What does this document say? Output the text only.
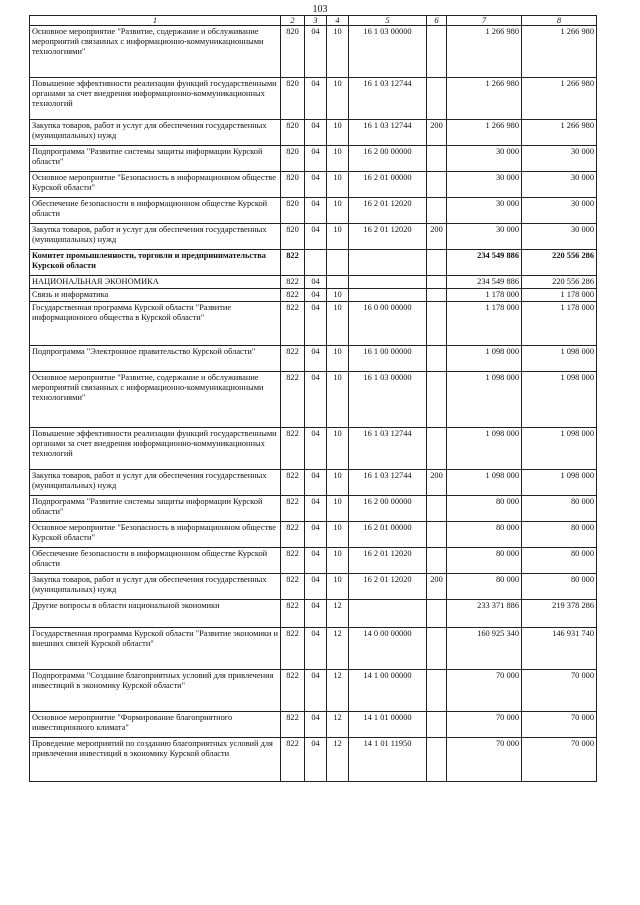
103
1	2	3	4	5	6	7	8
Основное мероприятие "Развитие, содержание и обслуживание мероприятий связанных с информационно-коммуникационными технологиями"	820	04	10	16 1 03 00000		1 266 980	1 266 980
Повышение эффективности реализации функций государственными органами за счет внедрения информационно-коммуникационных технологий	820	04	10	16 1 03 12744		1 266 980	1 266 980
Закупка товаров, работ и услуг для обеспечения государственных (муниципальных) нужд	820	04	10	16 1 03 12744	200	1 266 980	1 266 980
Подпрограмма "Развитие системы защиты информации Курской области"	820	04	10	16 2 00 00000		30 000	30 000
Основное мероприятие "Безопасность в информационном обществе Курской области"	820	04	10	16 2 01 00000		30 000	30 000
Обеспечение безопасности в информационном обществе Курской области	820	04	10	16 2 01 12020		30 000	30 000
Закупка товаров, работ и услуг для обеспечения государственных (муниципальных) нужд	820	04	10	16 2 01 12020	200	30 000	30 000
Комитет промышленности, торговли и предпринимательства Курской области	822					234 549 886	220 556 286
НАЦИОНАЛЬНАЯ ЭКОНОМИКА	822	04				234 549 886	220 556 286
Связь и информатика	822	04	10			1 178 000	1 178 000
Государственная программа Курской области "Развитие информационного общества в Курской области"	822	04	10	16 0 00 00000		1 178 000	1 178 000
Подпрограмма "Электронное правительство Курской области"	822	04	10	16 1 00 00000		1 098 000	1 098 000
Основное мероприятие "Развитие, содержание и обслуживание мероприятий связанных с информационно-коммуникационными технологиями"	822	04	10	16 1 03 00000		1 098 000	1 098 000
Повышение эффективности реализации функций государственными органами за счет внедрения информационно-коммуникационных технологий	822	04	10	16 1 03 12744		1 098 000	1 098 000
Закупка товаров, работ и услуг для обеспечения государственных (муниципальных) нужд	822	04	10	16 1 03 12744	200	1 098 000	1 098 000
Подпрограмма "Развитие системы защиты информации Курской области"	822	04	10	16 2 00 00000		80 000	80 000
Основное мероприятие "Безопасность в информационном обществе Курской области"	822	04	10	16 2 01 00000		80 000	80 000
Обеспечение безопасности в информационном обществе Курской области	822	04	10	16 2 01 12020		80 000	80 000
Закупка товаров, работ и услуг для обеспечения государственных (муниципальных) нужд	822	04	10	16 2 01 12020	200	80 000	80 000
Другие вопросы в области национальной экономики	822	04	12			233 371 886	219 378 286
Государственная программа Курской области "Развитие экономики и внешних связей Курской области"	822	04	12	14 0 00 00000		160 925 340	146 931 740
Подпрограмма "Создание благоприятных условий для привлечения инвестиций в экономику Курской области"	822	04	12	14 1 00 00000		70 000	70 000
Основное мероприятие "Формирование благоприятного инвестиционного климата"	822	04	12	14 1 01 00000		70 000	70 000
Проведение мероприятий по созданию благоприятных условий для привлечения инвестиций в экономику Курской области	822	04	12	14 1 01 11950		70 000	70 000
